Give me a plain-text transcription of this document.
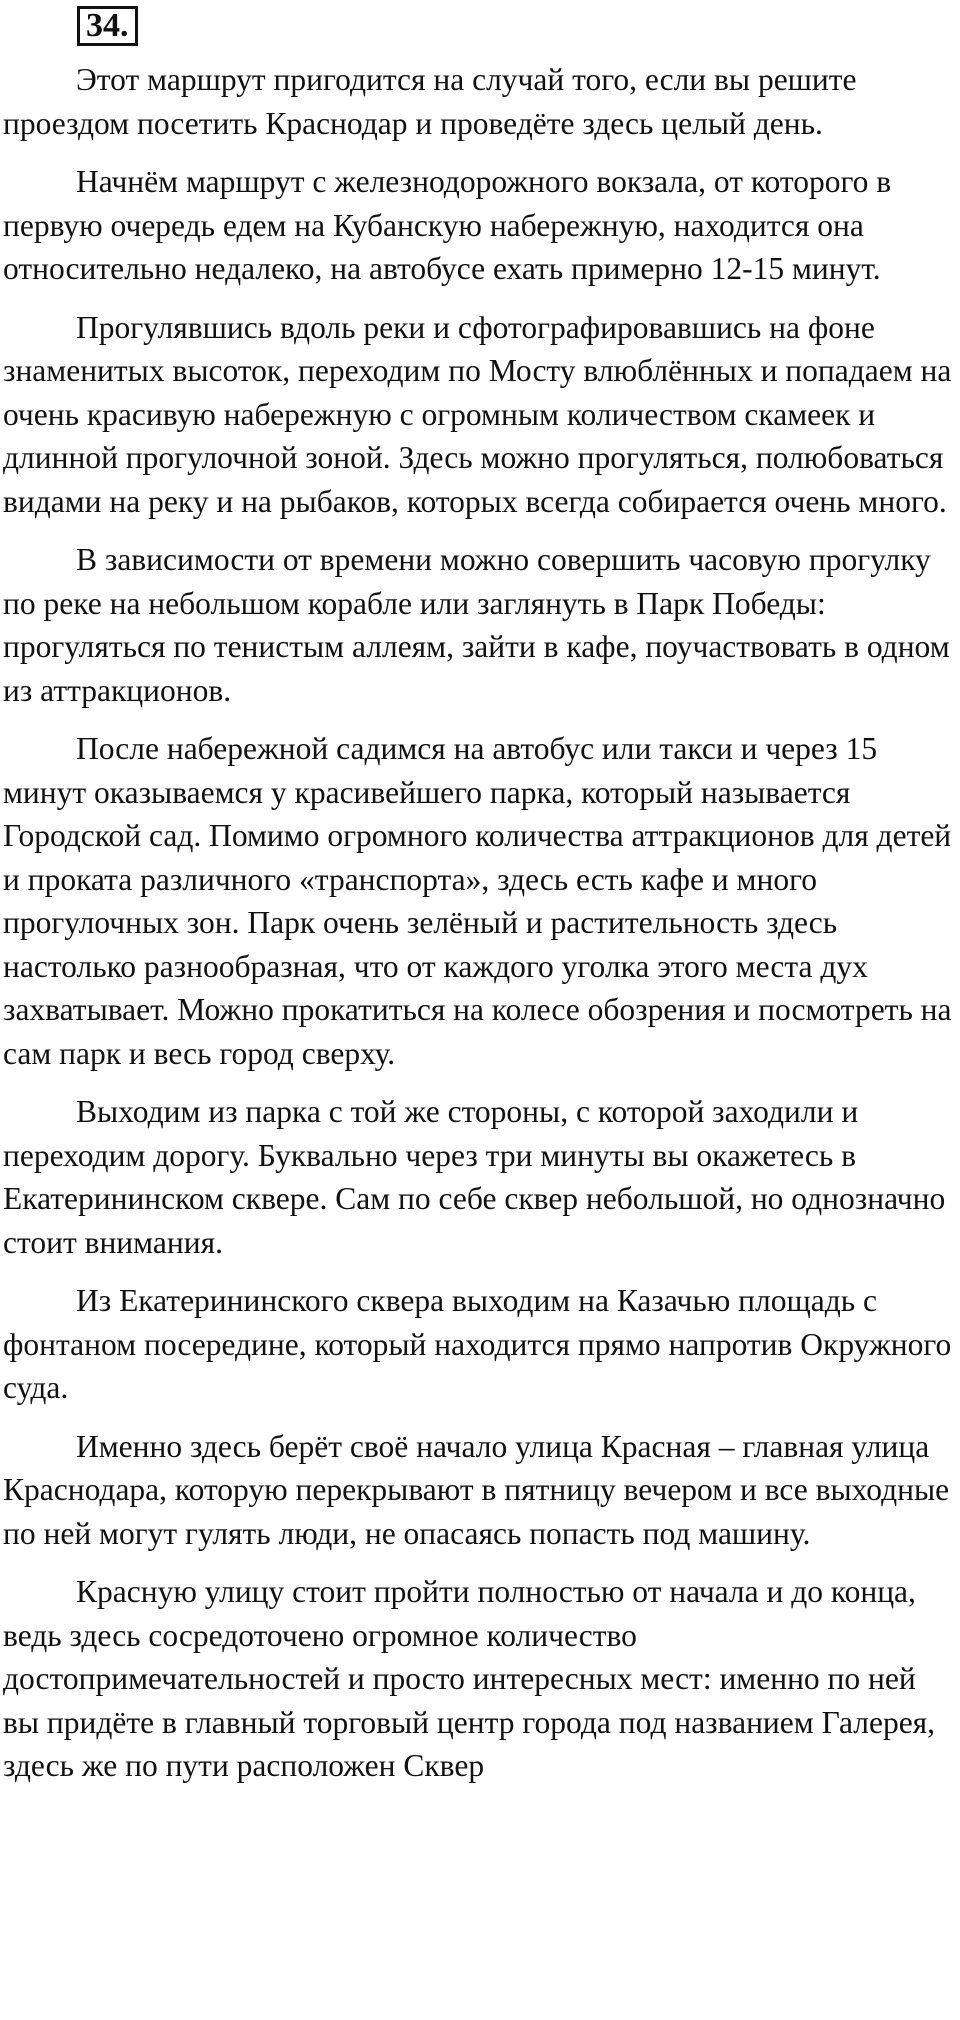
34.

Этот маршрут пригодится на случай того, если вы решите проездом посетить Краснодар и проведёте здесь целый день.

Начнём маршрут с железнодорожного вокзала, от которого в первую очередь едем на Кубанскую набережную, находится она относительно недалеко, на автобусе ехать примерно 12-15 минут.

Прогулявшись вдоль реки и сфотографировавшись на фоне знаменитых высоток, переходим по Мосту влюблённых и попадаем на очень красивую набережную с огромным количеством скамеек и длинной прогулочной зоной. Здесь можно прогуляться, полюбоваться видами на реку и на рыбаков, которых всегда собирается очень много.

В зависимости от времени можно совершить часовую прогулку по реке на небольшом корабле или заглянуть в Парк Победы: прогуляться по тенистым аллеям, зайти в кафе, поучаствовать в одном из аттракционов.

После набережной садимся на автобус или такси и через 15 минут оказываемся у красивейшего парка, который называется Городской сад. Помимо огромного количества аттракционов для детей и проката различного «транспорта», здесь есть кафе и много прогулочных зон. Парк очень зелёный и растительность здесь настолько разнообразная, что от каждого уголка этого места дух захватывает. Можно прокатиться на колесе обозрения и посмотреть на сам парк и весь город сверху.

Выходим из парка с той же стороны, с которой заходили и переходим дорогу. Буквально через три минуты вы окажетесь в Екатерининском сквере. Сам по себе сквер небольшой, но однозначно стоит внимания.

Из Екатерининского сквера выходим на Казачью площадь с фонтаном посередине, который находится прямо напротив Окружного суда.

Именно здесь берёт своё начало улица Красная – главная улица Краснодара, которую перекрывают в пятницу вечером и все выходные по ней могут гулять люди, не опасаясь попасть под машину.

Красную улицу стоит пройти полностью от начала и до конца, ведь здесь сосредоточено огромное количество достопримечательностей и просто интересных мест: именно по ней вы придёте в главный торговый центр города под названием Галерея, здесь же по пути расположен Сквер
